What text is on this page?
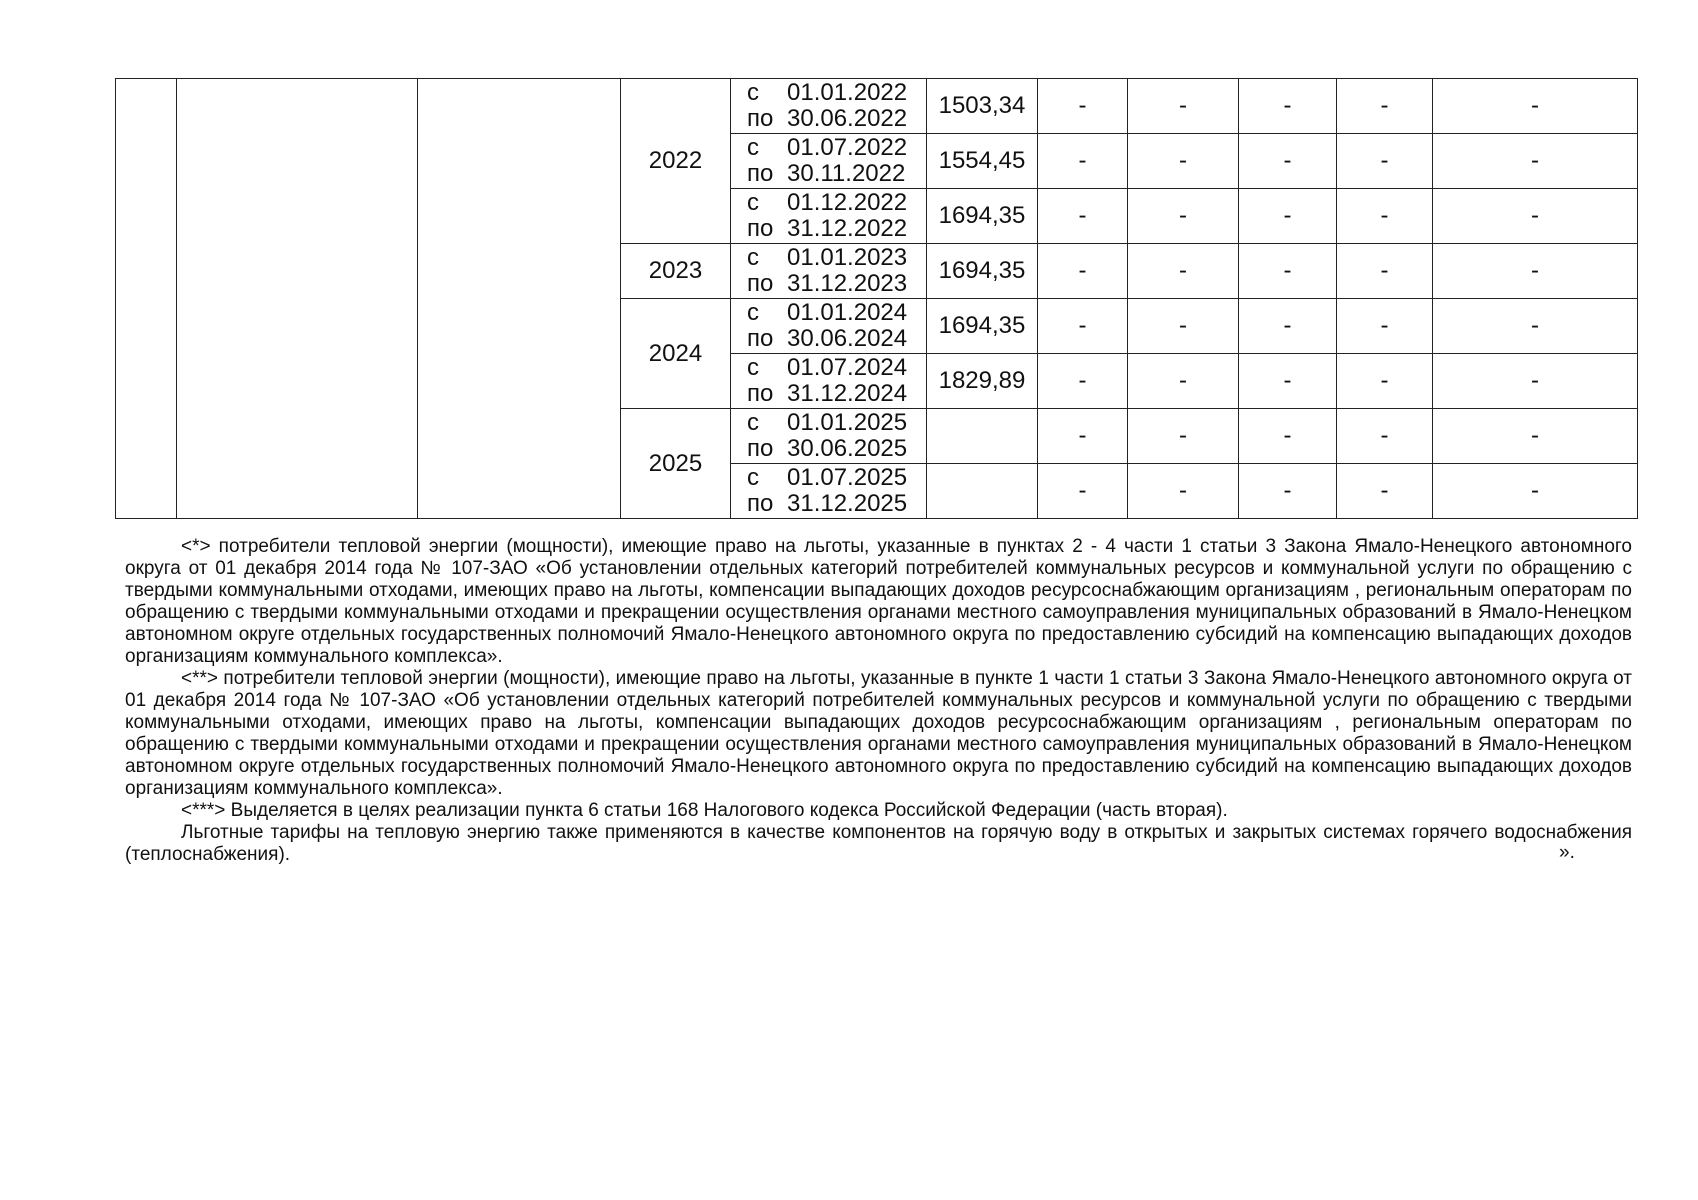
			2022	с 01.01.2022
по 30.06.2022	1503,34	-	-	-	-	-

				с 01.07.2022
по 30.11.2022	1554,45	-	-	-	-	-

				с 01.12.2022
по 31.12.2022	1694,35	-	-	-	-	-
			2023	с 01.01.2023
по 31.12.2023	1694,35	-	-	-	-	-
			2024	с 01.01.2024
по 30.06.2024	1694,35	-	-	-	-	-

				с 01.07.2024
по 31.12.2024	1829,89	-	-	-	-	-
			2025	с 01.01.2025
по 30.06.2025		-	-	-	-	-

				с 01.07.2025
по 31.12.2025		-	-	-	-	-

<*> потребители тепловой энергии (мощности), имеющие право на льготы, указанные в пунктах 2 - 4 части 1 статьи 3 Закона Ямало-Ненецкого автономного округа от 01 декабря 2014 года № 107-ЗАО «Об установлении отдельных категорий потребителей коммунальных ресурсов и коммунальной услуги по обращению с твердыми коммунальными отходами, имеющих право на льготы, компенсации выпадающих доходов ресурсоснабжающим организациям , региональным операторам по обращению с твердыми коммунальными отходами и прекращении осуществления органами местного самоуправления муниципальных образований в Ямало-Ненецком автономном округе отдельных государственных полномочий Ямало-Ненецкого автономного округа по предоставлению субсидий на компенсацию выпадающих доходов организациям коммунального комплекса».

<**> потребители тепловой энергии (мощности), имеющие право на льготы, указанные в пункте 1 части 1 статьи 3 Закона Ямало-Ненецкого автономного округа от 01 декабря 2014 года № 107-ЗАО «Об установлении отдельных категорий потребителей коммунальных ресурсов и коммунальной услуги по обращению с твердыми коммунальными отходами, имеющих право на льготы, компенсации выпадающих доходов ресурсоснабжающим организациям , региональным операторам по обращению с твердыми коммунальными отходами и прекращении осуществления органами местного самоуправления муниципальных образований в Ямало-Ненецком автономном округе отдельных государственных полномочий Ямало-Ненецкого автономного округа по предоставлению субсидий на компенсацию выпадающих доходов организациям коммунального комплекса».

<***> Выделяется в целях реализации пункта 6 статьи 168 Налогового кодекса Российской Федерации (часть вторая).

Льготные тарифы на тепловую энергию также применяются в качестве компонентов на горячую воду в открытых и закрытых системах горячего водоснабжения (теплоснабжения).	».
